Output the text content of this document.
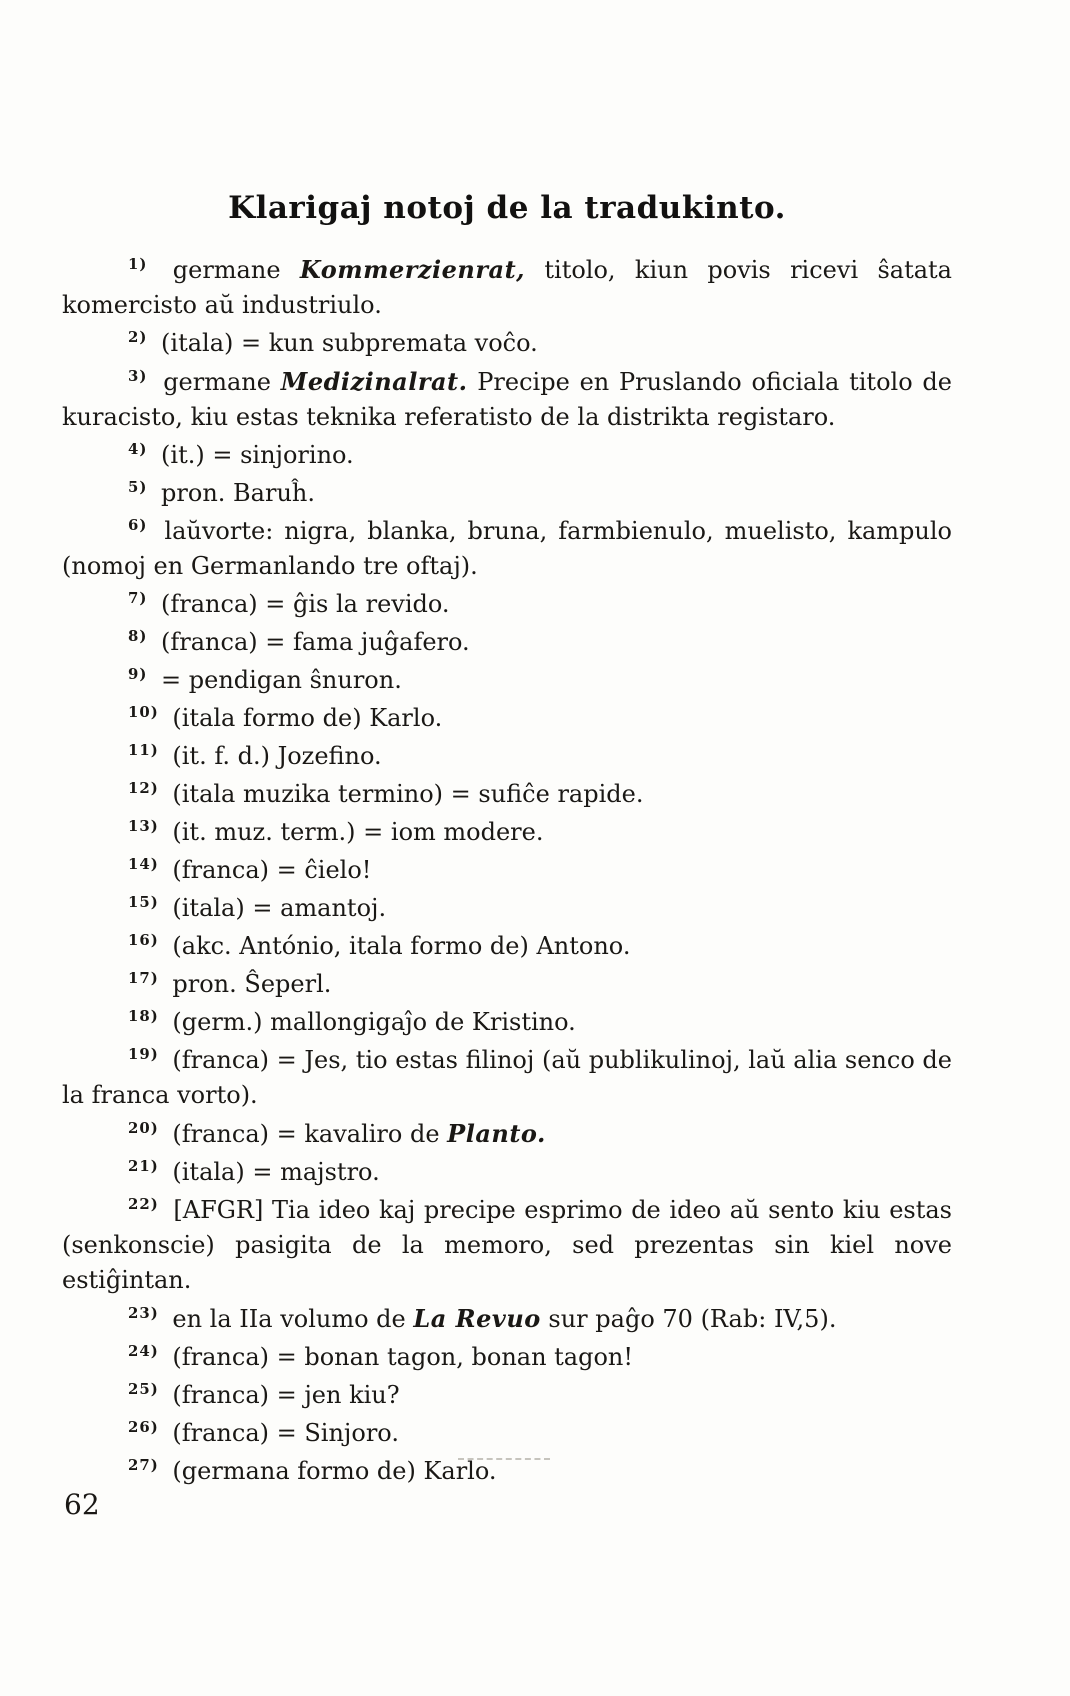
Klarigaj notoj de la tradukinto.

$^{1)}$ germane Kommerzienrat, titolo, kiun povis ricevi ŝatata komercisto aŭ industriulo.

$^{2)}$ (itala) = kun subpremata voĉo.

$^{3)}$ germane Medizinalrat. Precipe en Pruslando oficiala titolo de kuracisto, kiu estas teknika referatisto de la distrikta registaro.

$^{4)}$ (it.) = sinjorino.

$^{5)}$ pron. Baruĥ.

$^{6)}$ laŭvorte: nigra, blanka, bruna, farmbienulo, muelisto, kampulo (nomoj en Germanlando tre oftaj).

$^{7)}$ (franca) = ĝis la revido.

$^{8)}$ (franca) = fama juĝafero.

$^{9)}$ = pendigan ŝnuron.

$^{10)}$ (itala formo de) Karlo.

$^{11)}$ (it. f. d.) Jozefino.

$^{12)}$ (itala muzika termino) = sufiĉe rapide.

$^{13)}$ (it. muz. term.) = iom modere.

$^{14)}$ (franca) = ĉielo!

$^{15)}$ (itala) = amantoj.

$^{16)}$ (akc. António, itala formo de) Antono.

$^{17)}$ pron. Ŝeperl.

$^{18)}$ (germ.) mallongigaĵo de Kristino.

$^{19)}$ (franca) = Jes, tio estas filinoj (aŭ publikulinoj, laŭ alia senco de la franca vorto).

$^{20)}$ (franca) = kavaliro de Planto.

$^{21)}$ (itala) = majstro.

$^{22)}$ [AFGR] Tia ideo kaj precipe esprimo de ideo aŭ sento kiu estas (senkonscie) pasigita de la memoro, sed prezentas sin kiel nove estiĝintan.

$^{23)}$ en la IIa volumo de La Revuo sur paĝo 70 (Rab: IV,5).

$^{24)}$ (franca) = bonan tagon, bonan tagon!

$^{25)}$ (franca) = jen kiu?

$^{26)}$ (franca) = Sinjoro.

$^{27)}$ (germana formo de) Karlo.

62
